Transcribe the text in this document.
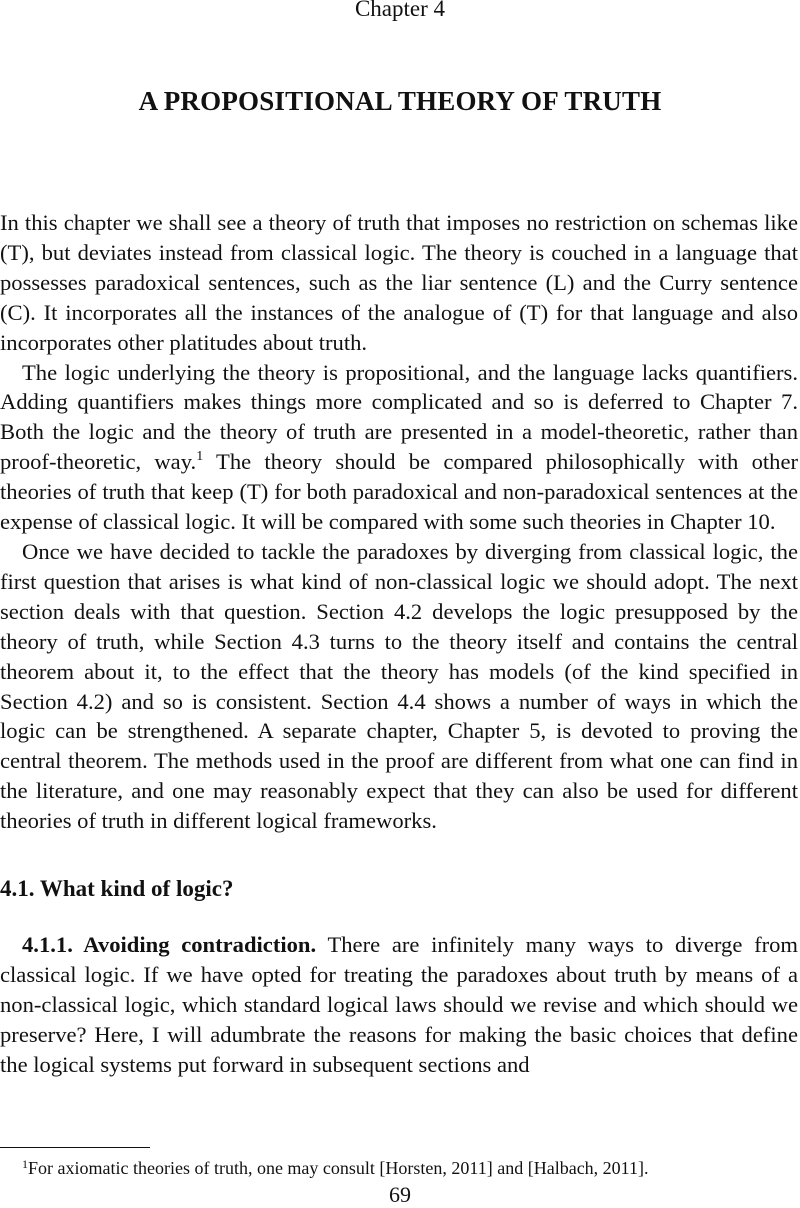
Chapter 4
A PROPOSITIONAL THEORY OF TRUTH

In this chapter we shall see a theory of truth that imposes no restriction on schemas like (T), but deviates instead from classical logic. The theory is couched in a language that possesses paradoxical sentences, such as the liar sentence (L) and the Curry sentence (C). It incorporates all the instances of the analogue of (T) for that language and also incorporates other platitudes about truth.

The logic underlying the theory is propositional, and the language lacks quantifiers. Adding quantifiers makes things more complicated and so is deferred to Chapter 7. Both the logic and the theory of truth are presented in a model-theoretic, rather than proof-theoretic, way.$^1$ The theory should be compared philosophically with other theories of truth that keep (T) for both paradoxical and non-paradoxical sentences at the expense of classical logic. It will be compared with some such theories in Chapter 10.

Once we have decided to tackle the paradoxes by diverging from classical logic, the first question that arises is what kind of non-classical logic we should adopt. The next section deals with that question. Section 4.2 develops the logic presupposed by the theory of truth, while Section 4.3 turns to the theory itself and contains the central theorem about it, to the effect that the theory has models (of the kind specified in Section 4.2) and so is consistent. Section 4.4 shows a number of ways in which the logic can be strengthened. A separate chapter, Chapter 5, is devoted to proving the central theorem. The methods used in the proof are different from what one can find in the literature, and one may reasonably expect that they can also be used for different theories of truth in different logical frameworks.

4.1. What kind of logic?

4.1.1. Avoiding contradiction. There are infinitely many ways to diverge from classical logic. If we have opted for treating the paradoxes about truth by means of a non-classical logic, which standard logical laws should we revise and which should we preserve? Here, I will adumbrate the reasons for making the basic choices that define the logical systems put forward in subsequent sections and

$^1$For axiomatic theories of truth, one may consult [Horsten, 2011] and [Halbach, 2011].
69
